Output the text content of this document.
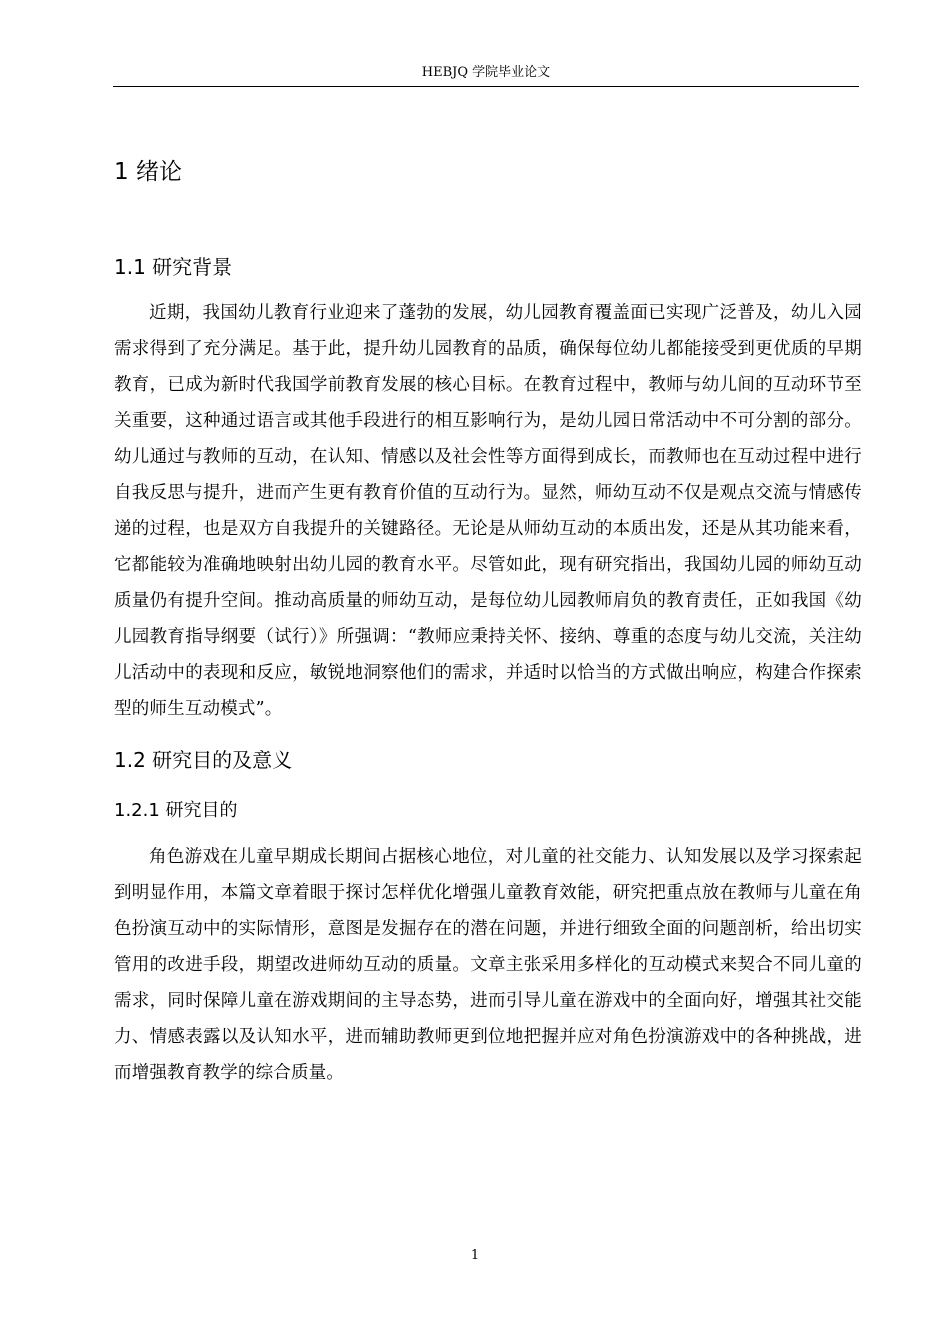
HEBJQ 学院毕业论文
1 绪论
1.1 研究背景

近期，我国幼儿教育行业迎来了蓬勃的发展，幼儿园教育覆盖面已实现广泛普及，幼儿入园需求得到了充分满足。基于此，提升幼儿园教育的品质，确保每位幼儿都能接受到更优质的早期教育，已成为新时代我国学前教育发展的核心目标。在教育过程中，教师与幼儿间的互动环节至关重要，这种通过语言或其他手段进行的相互影响行为，是幼儿园日常活动中不可分割的部分。幼儿通过与教师的互动，在认知、情感以及社会性等方面得到成长，而教师也在互动过程中进行自我反思与提升，进而产生更有教育价值的互动行为。显然，师幼互动不仅是观点交流与情感传递的过程，也是双方自我提升的关键路径。无论是从师幼互动的本质出发，还是从其功能来看，它都能较为准确地映射出幼儿园的教育水平。尽管如此，现有研究指出，我国幼儿园的师幼互动质量仍有提升空间。推动高质量的师幼互动，是每位幼儿园教师肩负的教育责任，正如我国《幼儿园教育指导纲要（试行）》所强调：“教师应秉持关怀、接纳、尊重的态度与幼儿交流，关注幼儿活动中的表现和反应，敏锐地洞察他们的需求，并适时以恰当的方式做出响应，构建合作探索型的师生互动模式”。

1.2 研究目的及意义
1.2.1 研究目的

角色游戏在儿童早期成长期间占据核心地位，对儿童的社交能力、认知发展以及学习探索起到明显作用，本篇文章着眼于探讨怎样优化增强儿童教育效能，研究把重点放在教师与儿童在角色扮演互动中的实际情形，意图是发掘存在的潜在问题，并进行细致全面的问题剖析，给出切实管用的改进手段，期望改进师幼互动的质量。文章主张采用多样化的互动模式来契合不同儿童的需求，同时保障儿童在游戏期间的主导态势，进而引导儿童在游戏中的全面向好，增强其社交能力、情感表露以及认知水平，进而辅助教师更到位地把握并应对角色扮演游戏中的各种挑战，进而增强教育教学的综合质量。

1
